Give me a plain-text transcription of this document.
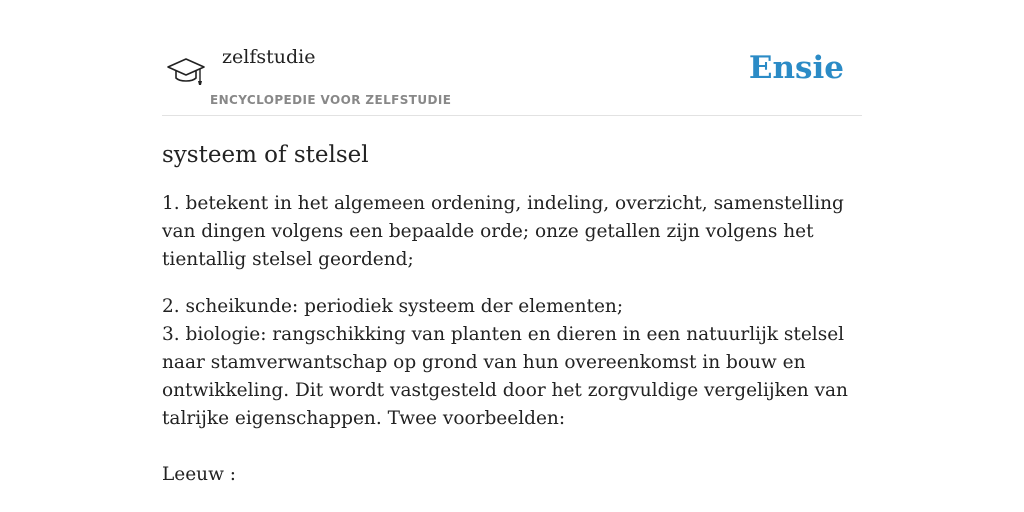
zelfstudie
ENCYCLOPEDIE VOOR ZELFSTUDIE
Ensie
systeem of stelsel

1. betekent in het algemeen ordening, indeling, overzicht, samenstelling van dingen volgens een bepaalde orde; onze getallen zijn volgens het tientallig stelsel geordend;

2. scheikunde: periodiek systeem der elementen;
3. biologie: rangschikking van planten en dieren in een natuurlijk stelsel naar stamverwantschap op grond van hun overeenkomst in bouw en ontwikkeling. Dit wordt vastgesteld door het zorgvuldige vergelijken van talrijke eigenschappen. Twee voorbeelden:
Leeuw :
